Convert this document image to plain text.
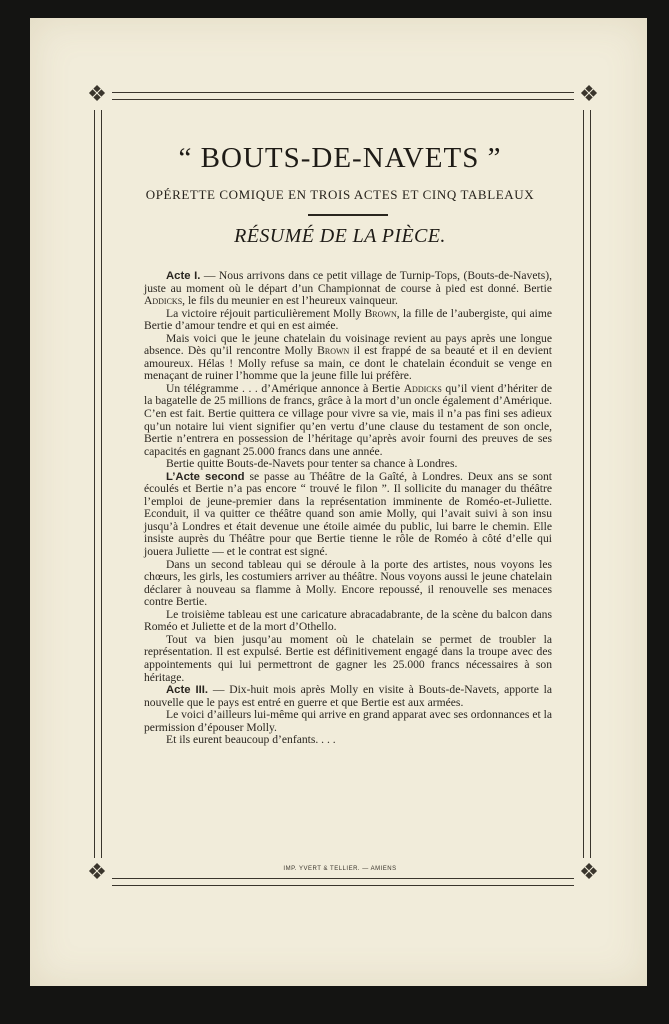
❖	❖
❖	❖
“ BOUTS-DE-NAVETS ”
OPÉRETTE COMIQUE EN TROIS ACTES ET CINQ TABLEAUX
RÉSUMÉ DE LA PIÈCE.

Acte I. — Nous arrivons dans ce petit village de Turnip-Tops, (Bouts-de-Navets), juste au moment où le départ d’un Championnat de course à pied est donné. Bertie Addicks, le fils du meunier en est l’heureux vainqueur.

La victoire réjouit particulièrement Molly Brown, la fille de l’aubergiste, qui aime Bertie d’amour tendre et qui en est aimée.

Mais voici que le jeune chatelain du voisinage revient au pays après une longue absence. Dès qu’il rencontre Molly Brown il est frappé de sa beauté et il en devient amoureux. Hélas ! Molly refuse sa main, ce dont le chatelain éconduit se venge en menaçant de ruiner l’homme que la jeune fille lui préfère.

Un télégramme . . . d’Amérique annonce à Bertie Addicks qu’il vient d’hériter de la bagatelle de 25 millions de francs, grâce à la mort d’un oncle également d’Amérique. C’en est fait. Bertie quittera ce village pour vivre sa vie, mais il n’a pas fini ses adieux qu’un notaire lui vient signifier qu’en vertu d’une clause du testament de son oncle, Bertie n’entrera en possession de l’héritage qu’après avoir fourni des preuves de ses capacités en gagnant 25.000 francs dans une année.

Bertie quitte Bouts-de-Navets pour tenter sa chance à Londres.

L’Acte second se passe au Théâtre de la Gaîté, à Londres. Deux ans se sont écoulés et Bertie n’a pas encore “ trouvé le filon ”. Il sollicite du manager du théâtre l’emploi de jeune-premier dans la représentation imminente de Roméo-et-Juliette. Econduit, il va quitter ce théâtre quand son amie Molly, qui l’avait suivi à son insu jusqu’à Londres et était devenue une étoile aimée du public, lui barre le chemin. Elle insiste auprès du Théâtre pour que Bertie tienne le rôle de Roméo à côté d’elle qui jouera Juliette — et le contrat est signé.

Dans un second tableau qui se déroule à la porte des artistes, nous voyons les chœurs, les girls, les costumiers arriver au théâtre. Nous voyons aussi le jeune chatelain déclarer à nouveau sa flamme à Molly. Encore repoussé, il renouvelle ses menaces contre Bertie.

Le troisième tableau est une caricature abracadabrante, de la scène du balcon dans Roméo et Juliette et de la mort d’Othello.

Tout va bien jusqu’au moment où le chatelain se permet de troubler la représentation. Il est expulsé. Bertie est définitivement engagé dans la troupe avec des appointements qui lui permettront de gagner les 25.000 francs nécessaires à son héritage.

Acte III. — Dix-huit mois après Molly en visite à Bouts-de-Navets, apporte la nouvelle que le pays est entré en guerre et que Bertie est aux armées.

Le voici d’ailleurs lui-même qui arrive en grand apparat avec ses ordonnances et la permission d’épouser Molly.

Et ils eurent beaucoup d’enfants. . . .

IMP. YVERT & TELLIER. — AMIENS
